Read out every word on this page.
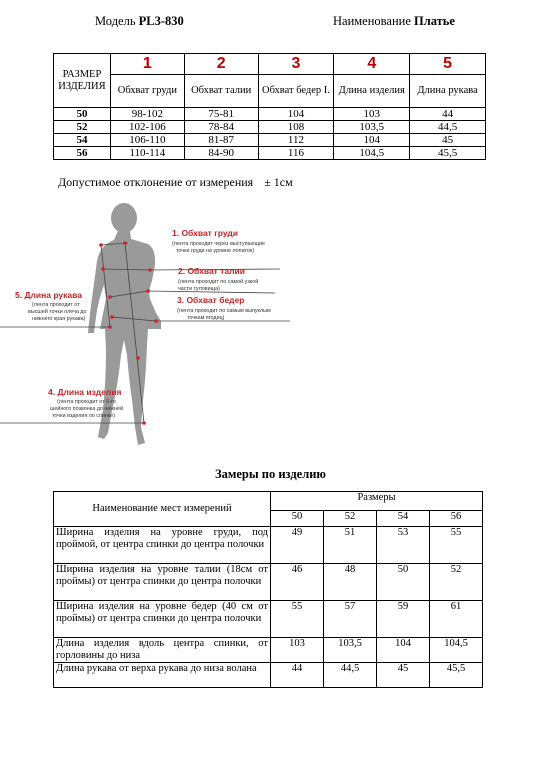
Модель PL3-830	Наименование Платье
РАЗМЕР ИЗДЕЛИЯ	1	2	3	4	5
	Обхват груди	Обхват талии	Обхват бедер I.	Длина изделия	Длина рукава
50	98-102	75-81	104	103	44
52	102-106	78-84	108	103,5	44,5
54	106-110	81-87	112	104	45
56	110-114	84-90	116	104,5	45,5
Допустимое отклонение от измерения ± 1см
1. Обхват груди
(лента проходит через выступающие
точки груди на уровне лопаток)
2. Обхват талии
(лента проходит по самой узкой
части туловища)
3. Обхват бедер
(лента проходит по самым выпуклым
точкам ягодиц)
5. Длина рукава
(лента проходит от
высшей точки плеча до
нижнего края рукава)
4. Длина изделия
(лента проходит от 6-го
шейного позвонка до нижней
точки изделия по спинке)
Замеры по изделию
Наименование мест измерений	Размеры			
	50	52	54	56
Ширина изделия на уровне груди, под проймой, от центра спинки до центра полочки	49	51	53	55
Ширина изделия на уровне талии (18см от проймы) от центра спинки до центра полочки	46	48	50	52
Ширина изделия на уровне бедер (40 см от проймы) от центра спинки до центра полочки	55	57	59	61
Длина изделия вдоль центра спинки, от горловины до низа	103	103,5	104	104,5
Длина рукава от верха рукава до низа волана	44	44,5	45	45,5
